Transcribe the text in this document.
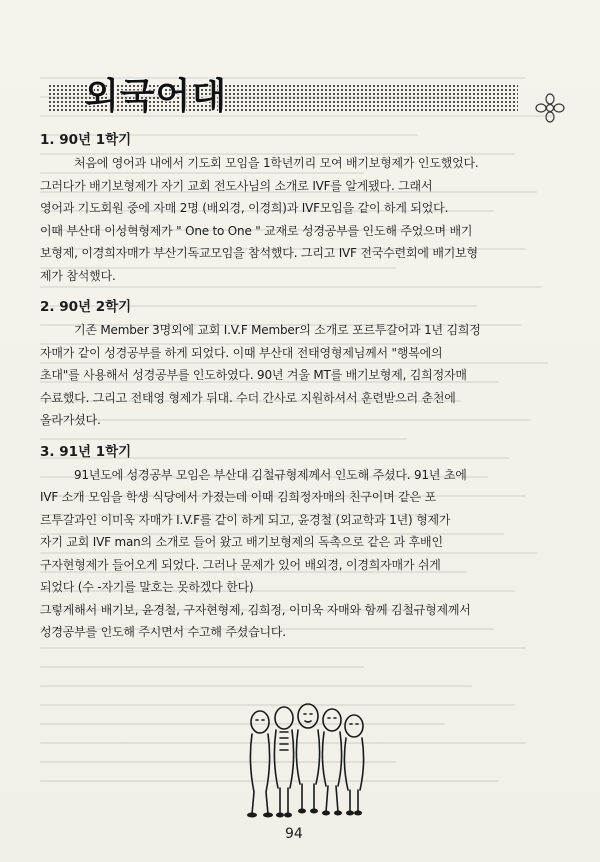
외국어대
1. 90년 1학기
처음에 영어과 내에서 기도회 모임을 1학년끼리 모여 배기보형제가 인도했었다.
그러다가 배기보형제가 자기 교회 전도사님의 소개로 IVF를 알게됐다. 그래서
영어과 기도회원 중에 자매 2명 (배외경, 이경희)과 IVF모임을 같이 하게 되었다.
이때 부산대 이성혁형제가 " One to One " 교재로 성경공부를 인도해 주었으며 배기
보형제, 이경희자매가 부산기독교모임을 참석했다. 그리고 IVF 전국수련회에 배기보형
제가 참석했다.
2. 90년 2학기
기존 Member 3명외에 교회 I.V.F Member의 소개로 포르투갈어과 1년 김희정
자매가 같이 성경공부를 하게 되었다. 이때 부산대 전태영형제님께서 "행복에의
초대"를 사용해서 성경공부를 인도하였다. 90년 겨울 MT를 배기보형제, 김희정자매
수료했다. 그리고 전태영 형제가 뒤대. 수더 간사로 지원하셔서 훈련받으러 춘천에
올라가셨다.
3. 91년 1학기
91년도에 성경공부 모임은 부산대 김철규형제께서 인도해 주셨다. 91년 초에
IVF 소개 모임을 학생 식당에서 가졌는데 이때 김희정자매의 친구이며 같은 포
르투갈과인 이미욱 자매가 I.V.F를 같이 하게 되고, 윤경철 (외교학과 1년) 형제가
자기 교회 IVF man의 소개로 들어 왔고 배기보형제의 독촉으로 같은 과 후배인
구자현형제가 들어오게 되었다. 그러나 문제가 있어 배외경, 이경희자매가 쉬게
되었다 (수 -자기를 말호는 못하겠다 한다)
그렇게해서 배기보, 윤경철, 구자현형제, 김희정, 이미욱 자매와 함께 김철규형제께서
성경공부를 인도해 주시면서 수고해 주셨습니다.
94
